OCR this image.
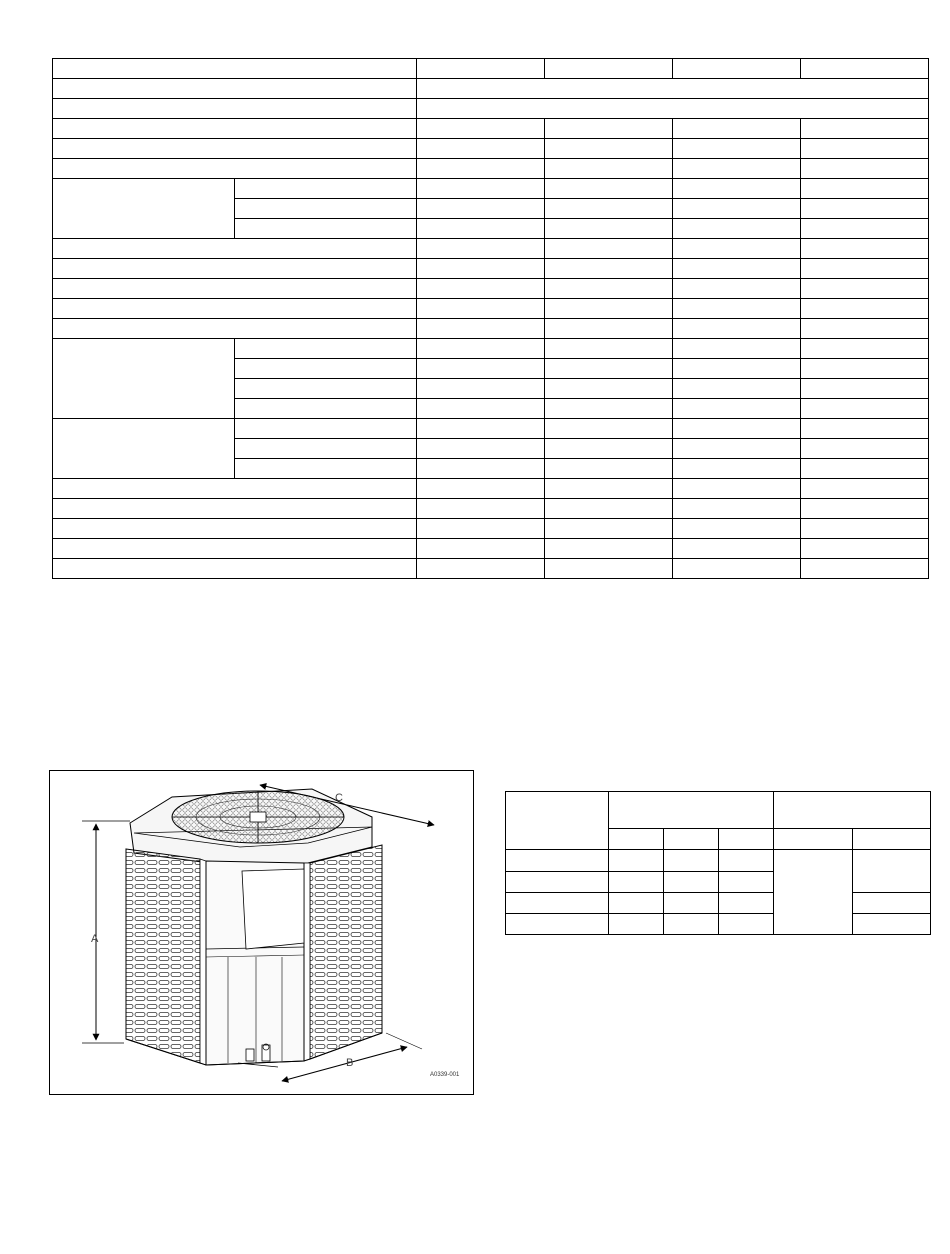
A
C
B
A0339-001
